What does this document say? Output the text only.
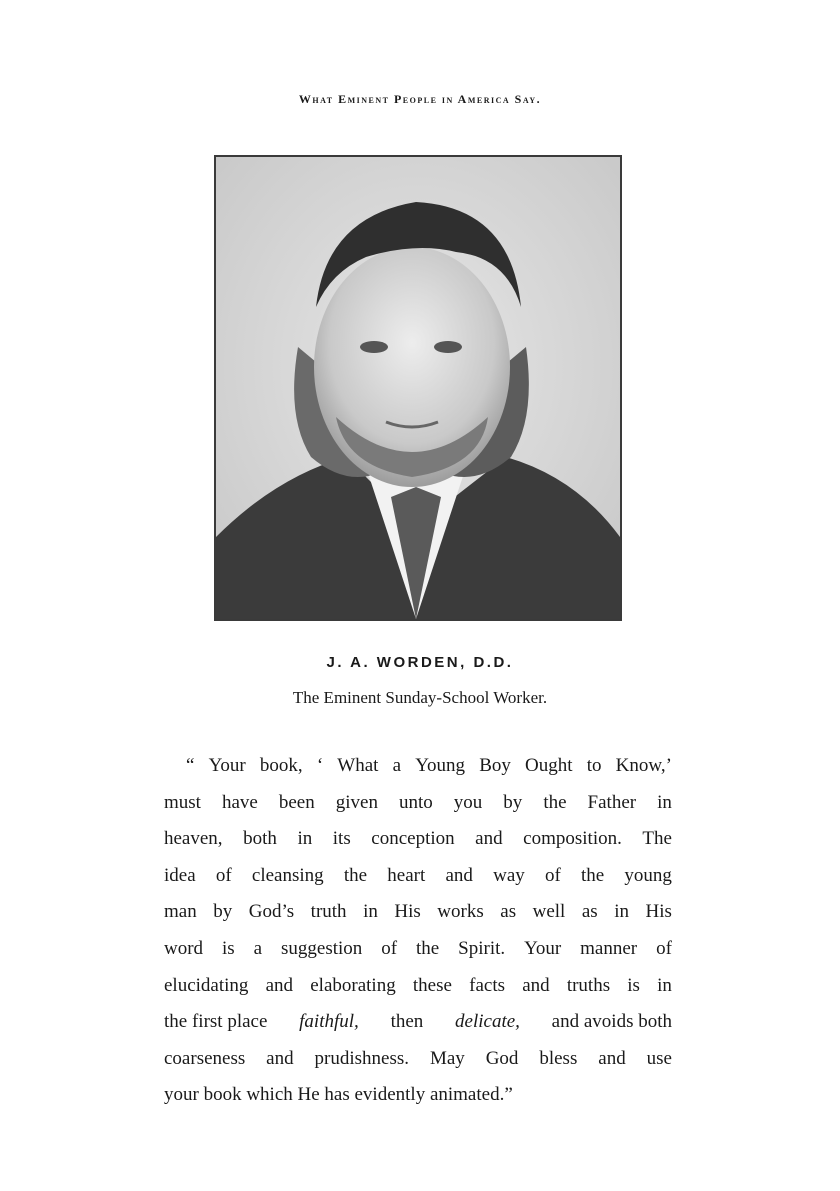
What Eminent People in America Say.
J. A. WORDEN, D.D.
The Eminent Sunday-School Worker.
“ Your book, ‘ What a Young Boy Ought to Know,’
must have been given unto you by the Father in
heaven, both in its conception and composition. The
idea of cleansing the heart and way of the young
man by God’s truth in His works as well as in His
word is a suggestion of the Spirit. Your manner of
elucidating and elaborating these facts and truths is in
the first place faithful, then delicate, and avoids both
coarseness and prudishness. May God bless and use
your book which He has evidently animated.”
